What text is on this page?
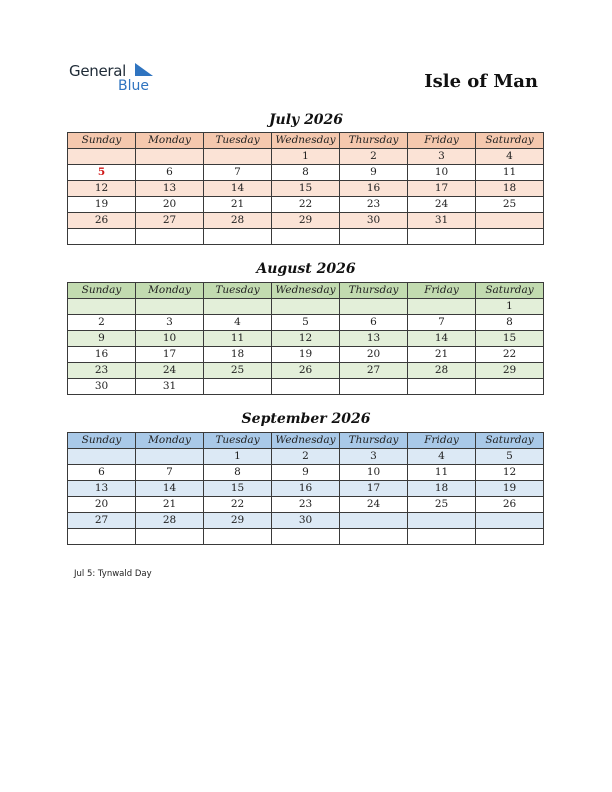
General
Blue	Isle of Man
July 2026
Sunday	Monday	Tuesday	Wednesday	Thursday	Friday	Saturday
			1	2	3	4
5	6	7	8	9	10	11
12	13	14	15	16	17	18
19	20	21	22	23	24	25
26	27	28	29	30	31	

August 2026
Sunday	Monday	Tuesday	Wednesday	Thursday	Friday	Saturday
						1
2	3	4	5	6	7	8
9	10	11	12	13	14	15
16	17	18	19	20	21	22
23	24	25	26	27	28	29
30	31					
September 2026
Sunday	Monday	Tuesday	Wednesday	Thursday	Friday	Saturday
		1	2	3	4	5
6	7	8	9	10	11	12
13	14	15	16	17	18	19
20	21	22	23	24	25	26
27	28	29	30			

Jul 5: Tynwald Day
